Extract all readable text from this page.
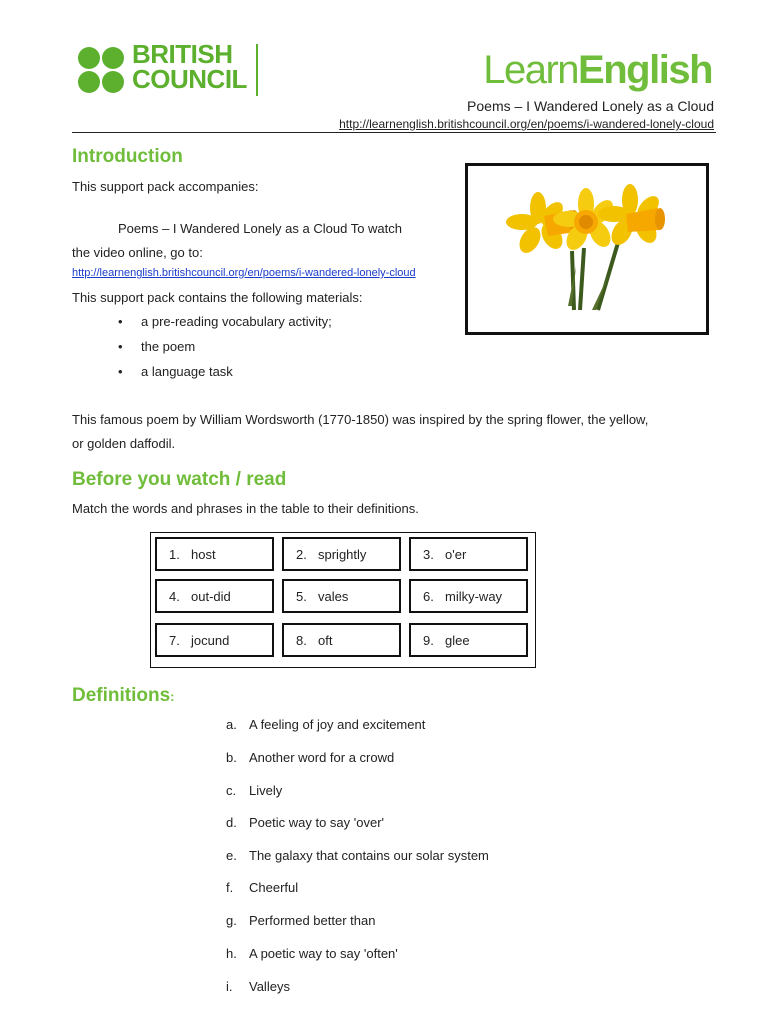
BRITISH
COUNCIL	LearnEnglish
Poems – I Wandered Lonely as a Cloud
http://learnenglish.britishcouncil.org/en/poems/i-wandered-lonely-cloud
Introduction
This support pack accompanies:
Poems – I Wandered Lonely as a Cloud To watch
the video online, go to:
http://learnenglish.britishcouncil.org/en/poems/i-wandered-lonely-cloud
This support pack contains the following materials:
• a pre-reading vocabulary activity;
• the poem
• a language task
This famous poem by William Wordsworth (1770-1850) was inspired by the spring flower, the yellow,
or golden daffodil.
Before you watch / read
Match the words and phrases in the table to their definitions.
1. host	2. sprightly	3. o'er
4. out-did	5. vales	6. milky-way
7. jocund	8. oft	9. glee
Definitions:
a. A feeling of joy and excitement
b. Another word for a crowd
c. Lively
d. Poetic way to say 'over'
e. The galaxy that contains our solar system
f. Cheerful
g. Performed better than
h. A poetic way to say 'often'
i. Valleys
